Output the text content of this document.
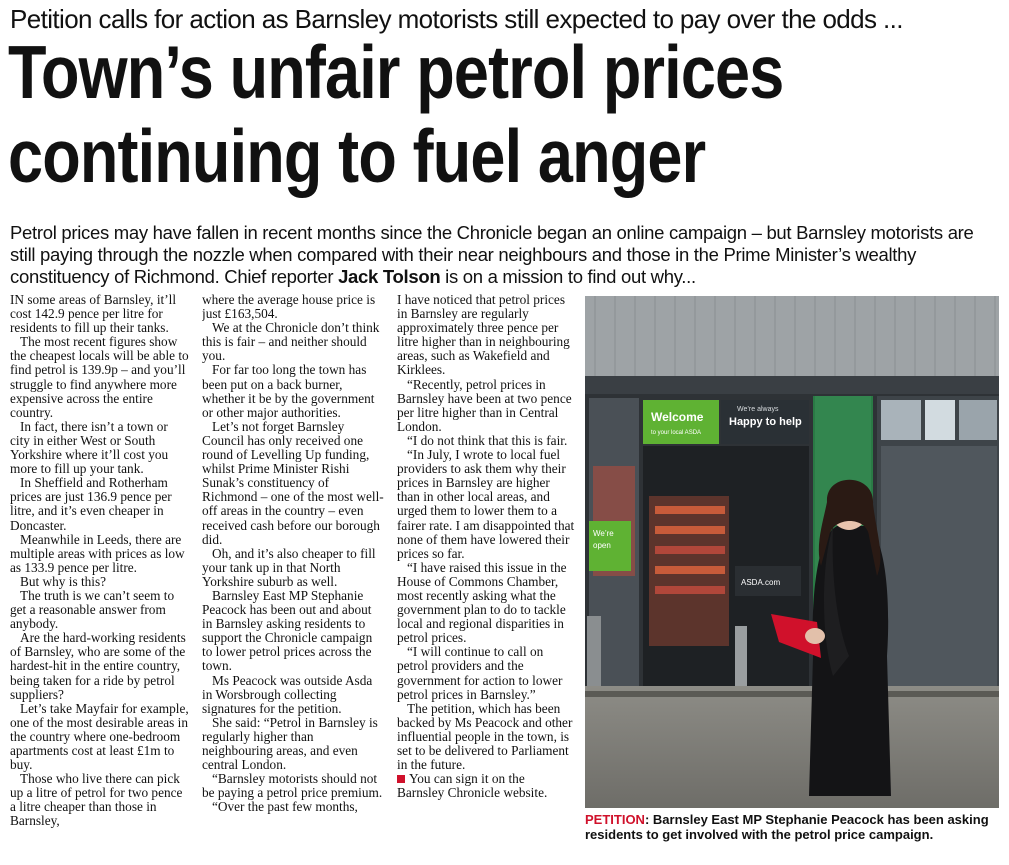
Petition calls for action as Barnsley motorists still expected to pay over the odds ...
Town’s unfair petrol prices
continuing to fuel anger
Petrol prices may have fallen in recent months since the Chronicle began an online campaign – but Barnsley motorists are still paying through the nozzle when compared with their near neighbours and those in the Prime Minister’s wealthy constituency of Richmond. Chief reporter Jack Tolson is on a mission to find out why...

IN some areas of Barnsley, it’ll cost 142.9 pence per litre for residents to fill up their tanks.

The most recent figures show the cheapest locals will be able to find petrol is 139.9p – and you’ll struggle to find anywhere more expensive across the entire country.

In fact, there isn’t a town or city in either West or South Yorkshire where it’ll cost you more to fill up your tank.

In Sheffield and Rotherham prices are just 136.9 pence per litre, and it’s even cheaper in Doncaster.

Meanwhile in Leeds, there are multiple areas with prices as low as 133.9 pence per litre.

But why is this?

The truth is we can’t seem to get a reasonable answer from anybody.

Are the hard-working residents of Barnsley, who are some of the hardest-hit in the entire country, being taken for a ride by petrol suppliers?

Let’s take Mayfair for example, one of the most desirable areas in the country where one-bedroom apartments cost at least £1m to buy.

Those who live there can pick up a litre of petrol for two pence a litre cheaper than those in Barnsley,

where the average house price is just £163,504.

We at the Chronicle don’t think this is fair – and neither should you.

For far too long the town has been put on a back burner, whether it be by the government or other major authorities.

Let’s not forget Barnsley Council has only received one round of Levelling Up funding, whilst Prime Minister Rishi Sunak’s constituency of Richmond – one of the most well-off areas in the country – even received cash before our borough did.

Oh, and it’s also cheaper to fill your tank up in that North Yorkshire suburb as well.

Barnsley East MP Stephanie Peacock has been out and about in Barnsley asking residents to support the Chronicle campaign to lower petrol prices across the town.

Ms Peacock was outside Asda in Worsbrough collecting signatures for the petition.

She said: “Petrol in Barnsley is regularly higher than neighbouring areas, and even central London.

“Barnsley motorists should not be paying a petrol price premium.

“Over the past few months,

I have noticed that petrol prices in Barnsley are regularly approximately three pence per litre higher than in neighbouring areas, such as Wakefield and Kirklees.

“Recently, petrol prices in Barnsley have been at two pence per litre higher than in Central London.

“I do not think that this is fair.

“In July, I wrote to local fuel providers to ask them why their prices in Barnsley are higher than in other local areas, and urged them to lower them to a fairer rate. I am disappointed that none of them have lowered their prices so far.

“I have raised this issue in the House of Commons Chamber, most recently asking what the government plan to do to tackle local and regional disparities in petrol prices.

“I will continue to call on petrol providers and the government for action to lower petrol prices in Barnsley.”

The petition, which has been backed by Ms Peacock and other influential people in the town, is set to be delivered to Parliament in the future.

You can sign it on the Barnsley Chronicle website.

We’re
open
Welcome
to your local ASDA
We’re always
Happy to help
ASDA.com
PETITION: Barnsley East MP Stephanie Peacock has been asking residents to get involved with the petrol price campaign.
